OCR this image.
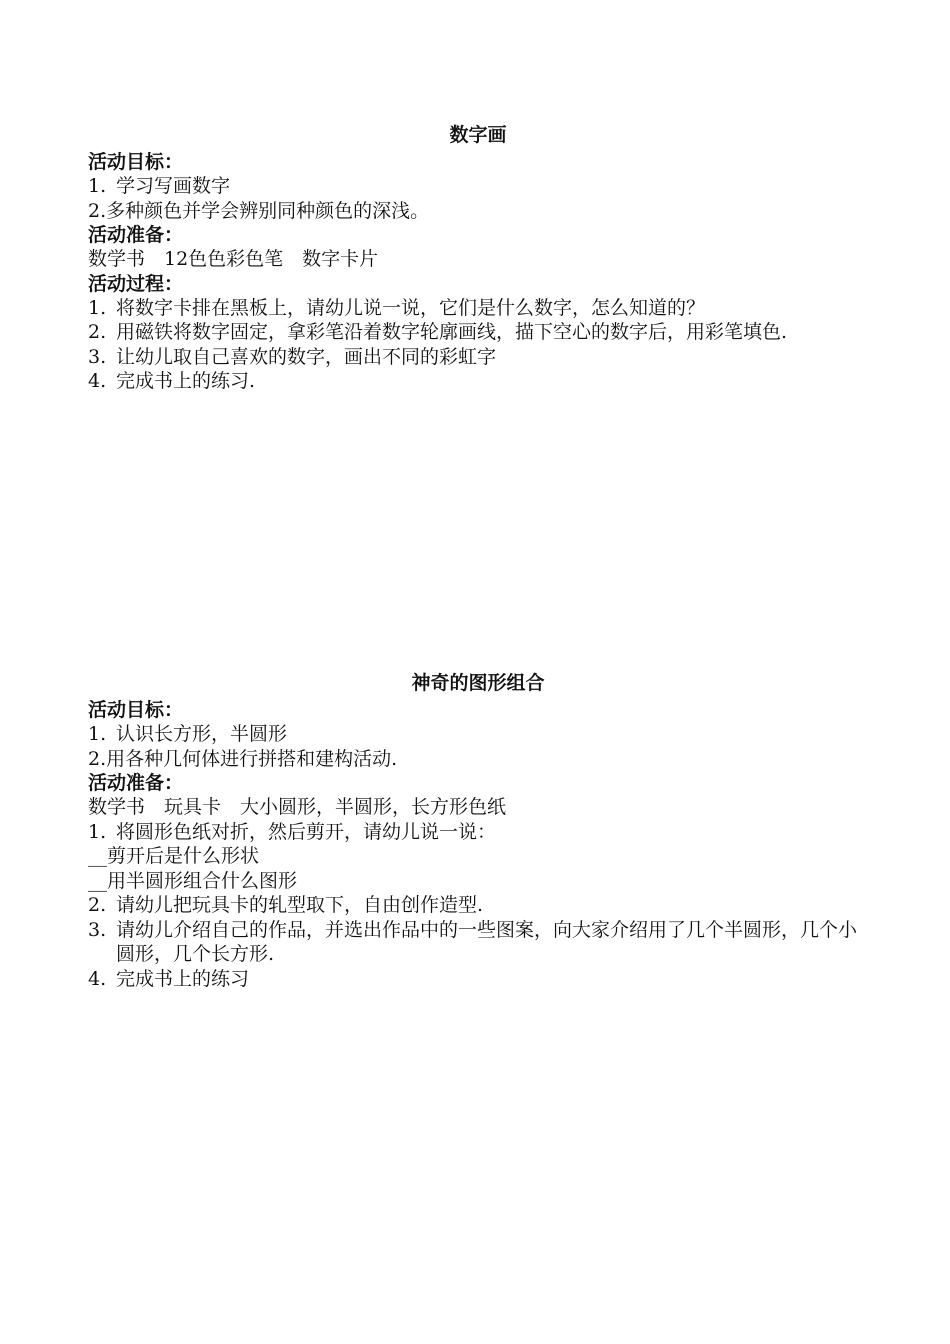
数字画

活动目标：

1. 学习写画数字

2.多种颜色并学会辨别同种颜色的深浅。

活动准备：

数学书　12色色彩色笔　数字卡片

活动过程：

1. 将数字卡排在黑板上，请幼儿说一说，它们是什么数字，怎么知道的？

2. 用磁铁将数字固定，拿彩笔沿着数字轮廓画线，描下空心的数字后，用彩笔填色.

3. 让幼儿取自己喜欢的数字，画出不同的彩虹字

4. 完成书上的练习.

神奇的图形组合

活动目标：

1. 认识长方形，半圆形

2.用各种几何体进行拼搭和建构活动.

活动准备：

数学书　玩具卡　大小圆形，半圆形，长方形色纸

1. 将圆形色纸对折，然后剪开，请幼儿说一说：

__剪开后是什么形状

__用半圆形组合什么图形

2. 请幼儿把玩具卡的轧型取下，自由创作造型.

3. 请幼儿介绍自己的作品，并选出作品中的一些图案，向大家介绍用了几个半圆形，几个小圆形，几个长方形.

4. 完成书上的练习
